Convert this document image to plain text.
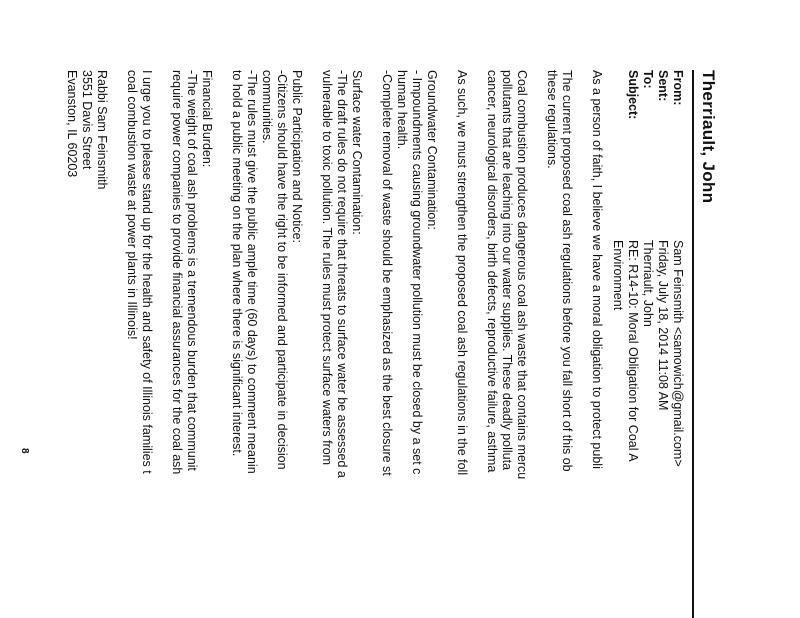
Therriault, John
From:
Sam Feinsmith <samowich@gmail.com>
Sent:
Friday, July 18, 2014 11:08 AM
To:
Therriault, John
Subject:
RE: R14-10: Moral Obligation for Coal A
Environment

As a person of faith, I believe we have a moral obligation to protect publi

The current proposed coal ash regulations before you fall short of this ob

these regulations.

Coal combustion produces dangerous coal ash waste that contains mercu

pollutants that are leaching into our water supplies. These deadly polluta

cancer, neurological disorders, birth defects, reproductive failure, asthma

As such, we must strengthen the proposed coal ash regulations in the foll

Groundwater Contamination:

- Impoundments causing groundwater pollution must be closed by a set c

human health.

-Complete removal of waste should be emphasized as the best closure st

Surface water Contamination:

-The draft rules do not require that threats to surface water be assessed a

vulnerable to toxic pollution. The rules must protect surface waters from

Public Participation and Notice:

-Citizens should have the right to be informed and participate in decision

communities.

-The rules must give the public ample time (60 days) to comment meanin

to hold a public meeting on the plan where there is significant interest.

Financial Burden:

-The weight of coal ash problems is a tremendous burden that communit

require power companies to provide financial assurances for the coal ash

I urge you to please stand up for the health and safety of Illinois families t

coal combustion waste at power plants in Illinois!

Rabbi Sam Feinsmith

3551 Davis Street

Evanston, IL 60203

8
